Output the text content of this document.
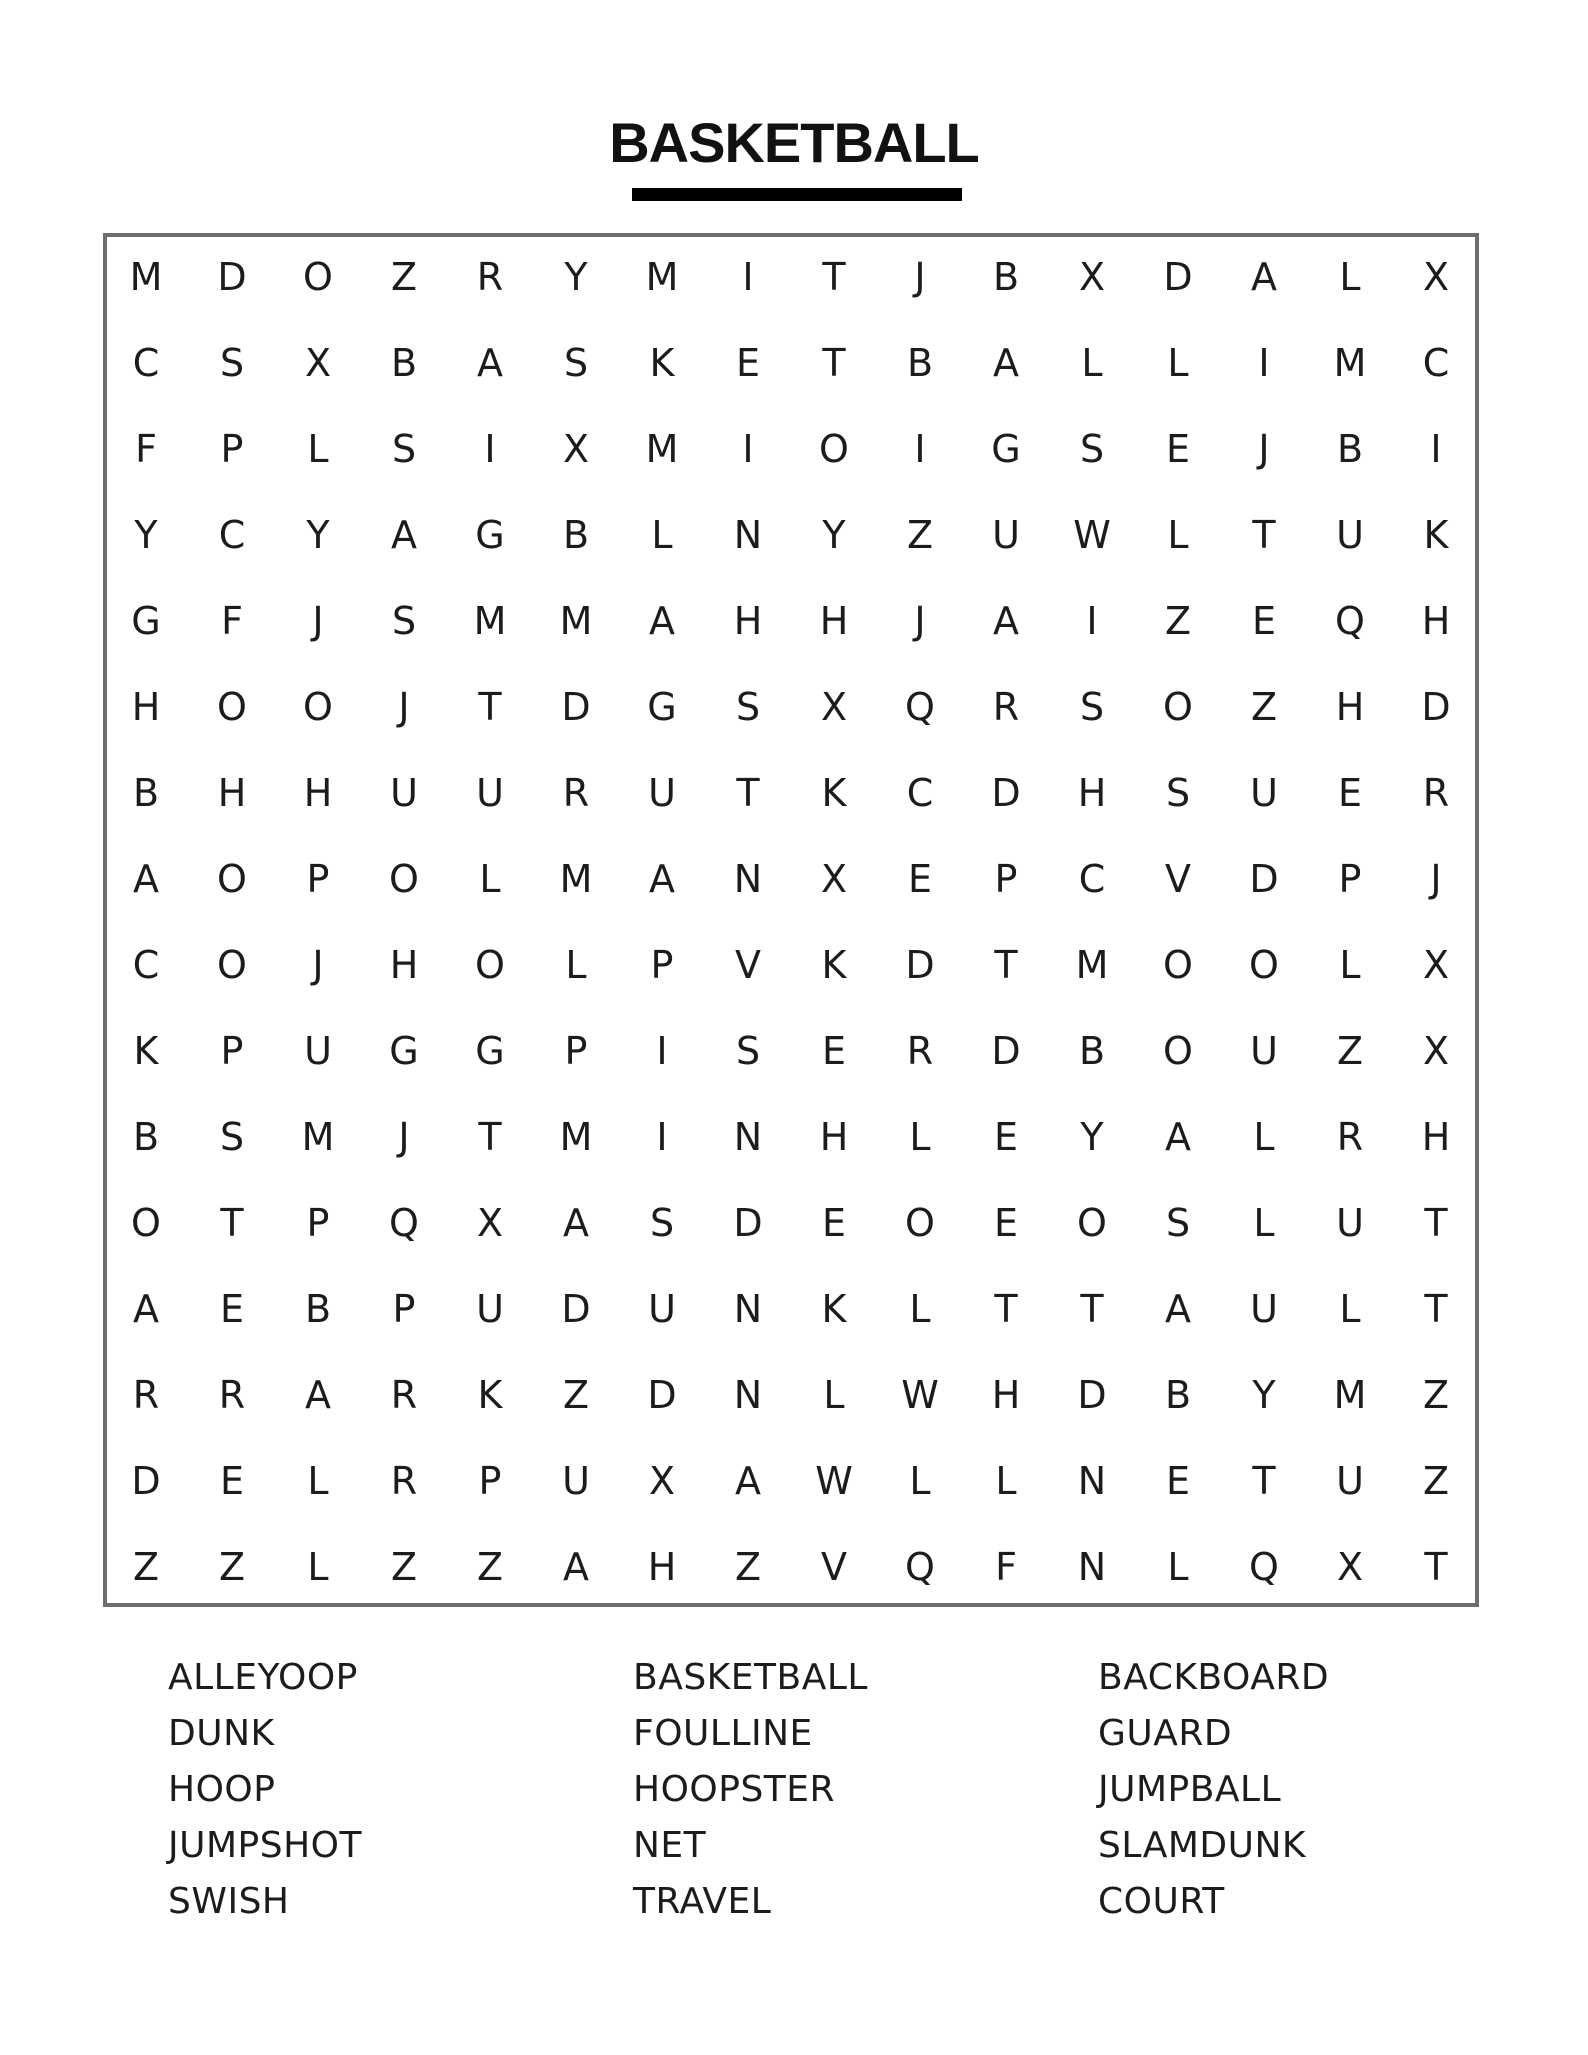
BASKETBALL
M	D	O	Z	R	Y	M	I	T	J	B	X	D	A	L	X
C	S	X	B	A	S	K	E	T	B	A	L	L	I	M	C
F	P	L	S	I	X	M	I	O	I	G	S	E	J	B	I
Y	C	Y	A	G	B	L	N	Y	Z	U	W	L	T	U	K
G	F	J	S	M	M	A	H	H	J	A	I	Z	E	Q	H
H	O	O	J	T	D	G	S	X	Q	R	S	O	Z	H	D
B	H	H	U	U	R	U	T	K	C	D	H	S	U	E	R
A	O	P	O	L	M	A	N	X	E	P	C	V	D	P	J
C	O	J	H	O	L	P	V	K	D	T	M	O	O	L	X
K	P	U	G	G	P	I	S	E	R	D	B	O	U	Z	X
B	S	M	J	T	M	I	N	H	L	E	Y	A	L	R	H
O	T	P	Q	X	A	S	D	E	O	E	O	S	L	U	T
A	E	B	P	U	D	U	N	K	L	T	T	A	U	L	T
R	R	A	R	K	Z	D	N	L	W	H	D	B	Y	M	Z
D	E	L	R	P	U	X	A	W	L	L	N	E	T	U	Z
Z	Z	L	Z	Z	A	H	Z	V	Q	F	N	L	Q	X	T
ALLEYOOP
DUNK
HOOP
JUMPSHOT
SWISH
BASKETBALL
FOULLINE
HOOPSTER
NET
TRAVEL
BACKBOARD
GUARD
JUMPBALL
SLAMDUNK
COURT
